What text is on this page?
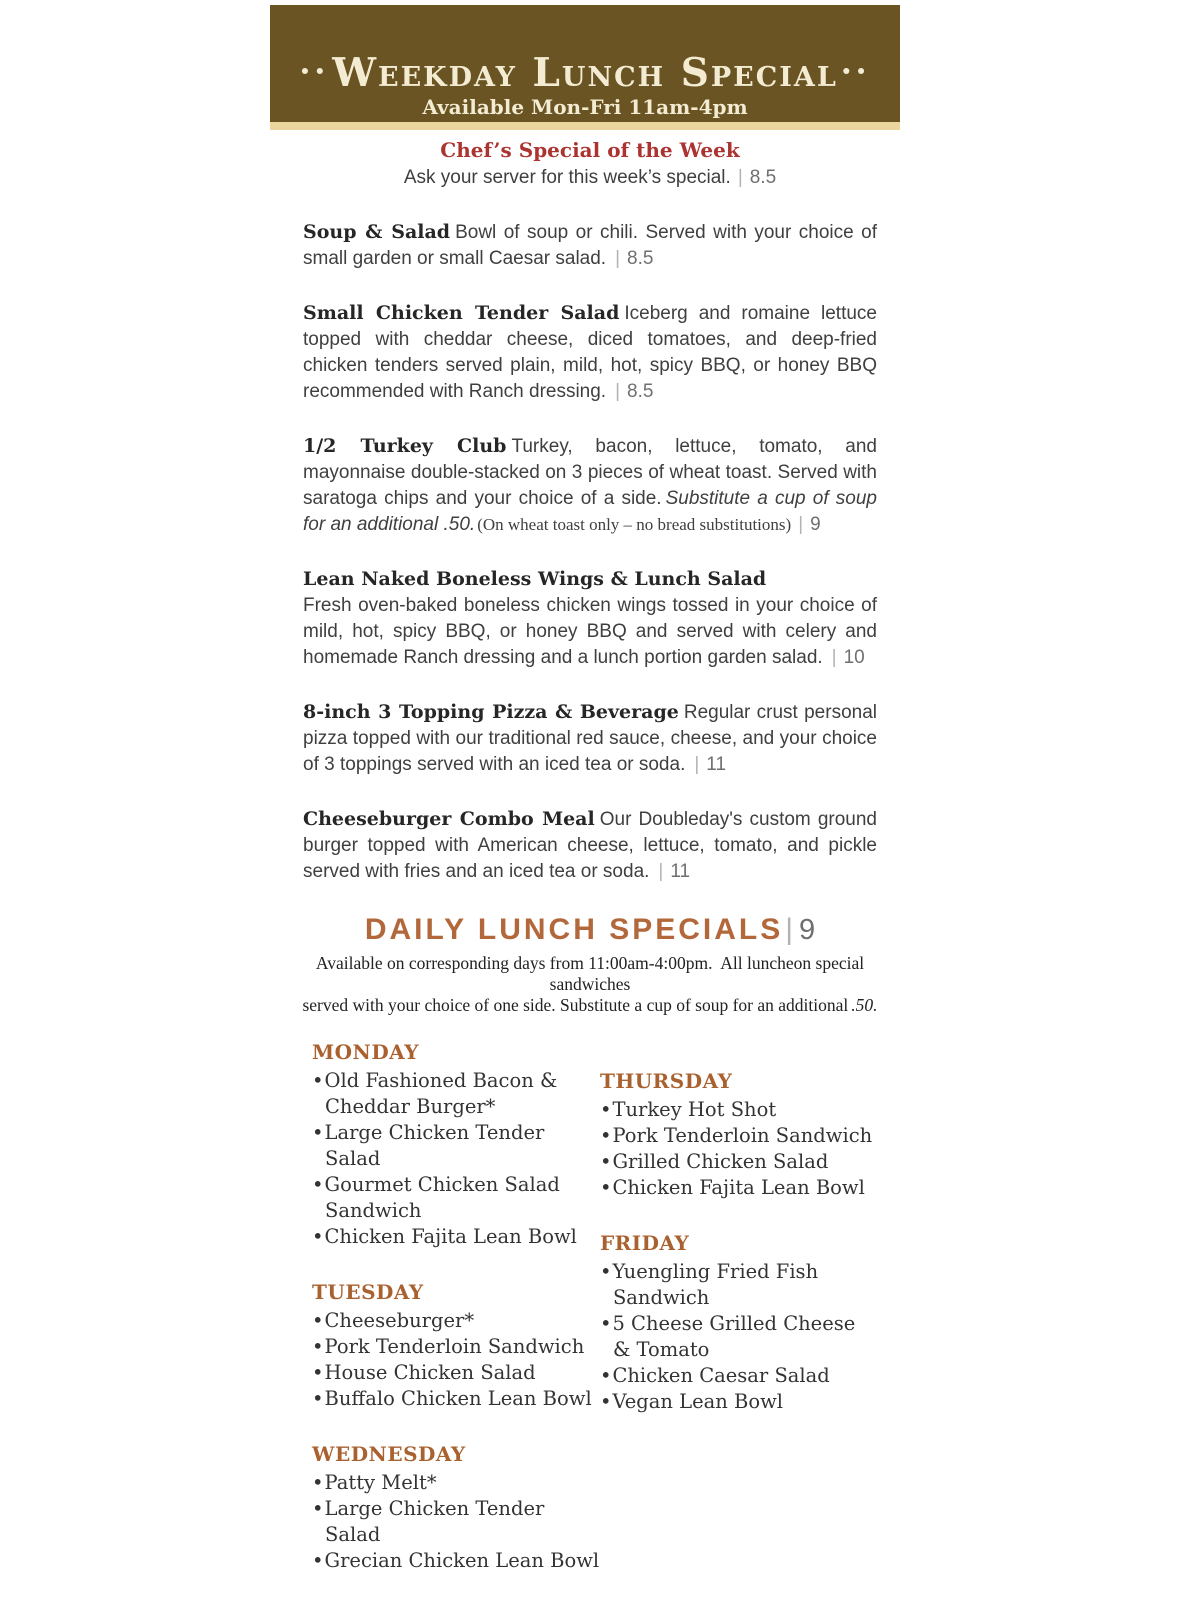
••Weekday Lunch Special ••
Available Mon-Fri 11am-4pm
Chef’s Special of the Week
Ask your server for this week’s special. | 8.5

Soup & Salad Bowl of soup or chili. Served with your choice of small garden or small Caesar salad. | 8.5

Small Chicken Tender Salad Iceberg and romaine lettuce topped with cheddar cheese, diced tomatoes, and deep-fried chicken tenders served plain, mild, hot, spicy BBQ, or honey BBQ recommended with Ranch dressing. | 8.5

1/2 Turkey Club Turkey, bacon, lettuce, tomato, and mayonnaise double-stacked on 3 pieces of wheat toast. Served with saratoga chips and your choice of a side. Substitute a cup of soup for an additional .50. (On wheat toast only – no bread substitutions) | 9

Lean Naked Boneless Wings & Lunch Salad
Fresh oven-baked boneless chicken wings tossed in your choice of mild, hot, spicy BBQ, or honey BBQ and served with celery and homemade Ranch dressing and a lunch portion garden salad. | 10

8-inch 3 Topping Pizza & Beverage Regular crust personal pizza topped with our traditional red sauce, cheese, and your choice of 3 toppings served with an iced tea or soda. | 11

Cheeseburger Combo Meal Our Doubleday's custom ground burger topped with American cheese, lettuce, tomato, and pickle served with fries and an iced tea or soda. | 11

DAILY LUNCH SPECIALS| 9
Available on corresponding days from 11:00am-4:00pm.  All luncheon special sandwiches
served with your choice of one side. Substitute a cup of soup for an additional .50.
MONDAY
•Old Fashioned Bacon & Cheddar Burger*
•Large Chicken Tender Salad
•Gourmet Chicken Salad Sandwich
•Chicken Fajita Lean Bowl
TUESDAY
•Cheeseburger*
•Pork Tenderloin Sandwich
•House Chicken Salad
•Buffalo Chicken Lean Bowl
WEDNESDAY
•Patty Melt*
•Large Chicken Tender Salad
•Grecian Chicken Lean Bowl
THURSDAY
•Turkey Hot Shot
•Pork Tenderloin Sandwich
•Grilled Chicken Salad
•Chicken Fajita Lean Bowl
FRIDAY
•Yuengling Fried Fish Sandwich
•5 Cheese Grilled Cheese & Tomato
•Chicken Caesar Salad
•Vegan Lean Bowl
